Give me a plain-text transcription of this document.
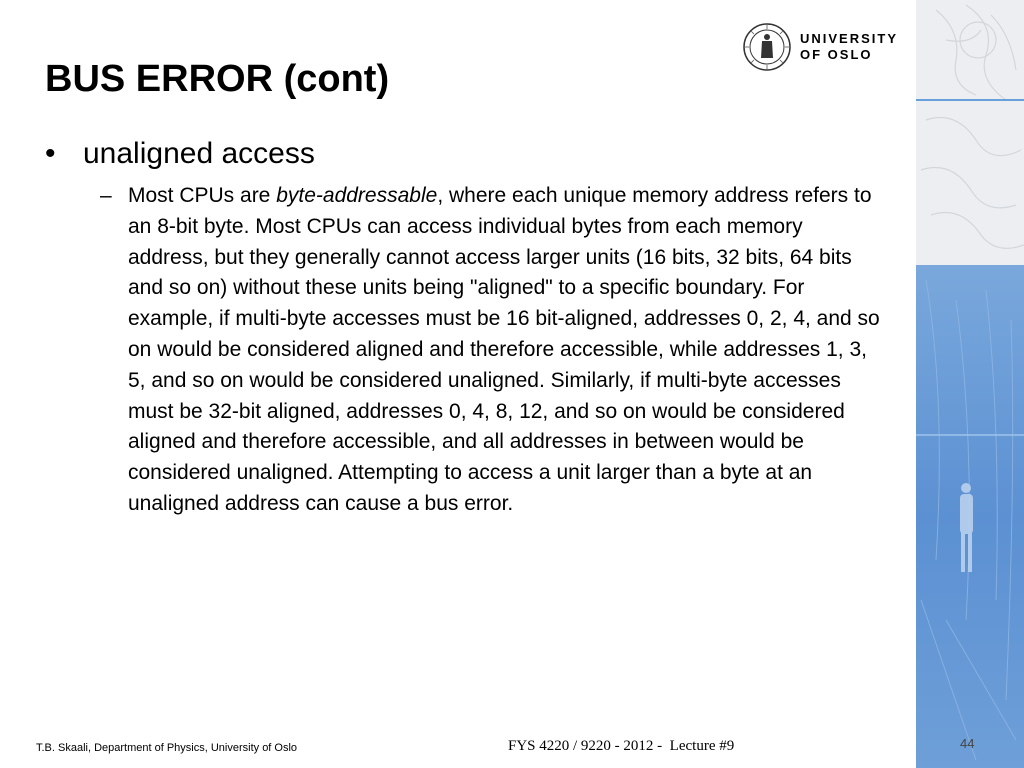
UNIVERSITY
OF OSLO
BUS ERROR (cont)
• unaligned access
– Most CPUs are byte-addressable, where each unique memory address refers to an 8-bit byte. Most CPUs can access individual bytes from each memory address, but they generally cannot access larger units (16 bits, 32 bits, 64 bits and so on) without these units being "aligned" to a specific boundary. For example, if multi-byte accesses must be 16 bit-aligned, addresses 0, 2, 4, and so on would be considered aligned and therefore accessible, while addresses 1, 3, 5, and so on would be considered unaligned. Similarly, if multi-byte accesses must be 32-bit aligned, addresses 0, 4, 8, 12, and so on would be considered aligned and therefore accessible, and all addresses in between would be considered unaligned. Attempting to access a unit larger than a byte at an unaligned address can cause a bus error.
T.B. Skaali, Department of Physics, University of Oslo	FYS 4220 / 9220 - 2012 -  Lecture #9	44
